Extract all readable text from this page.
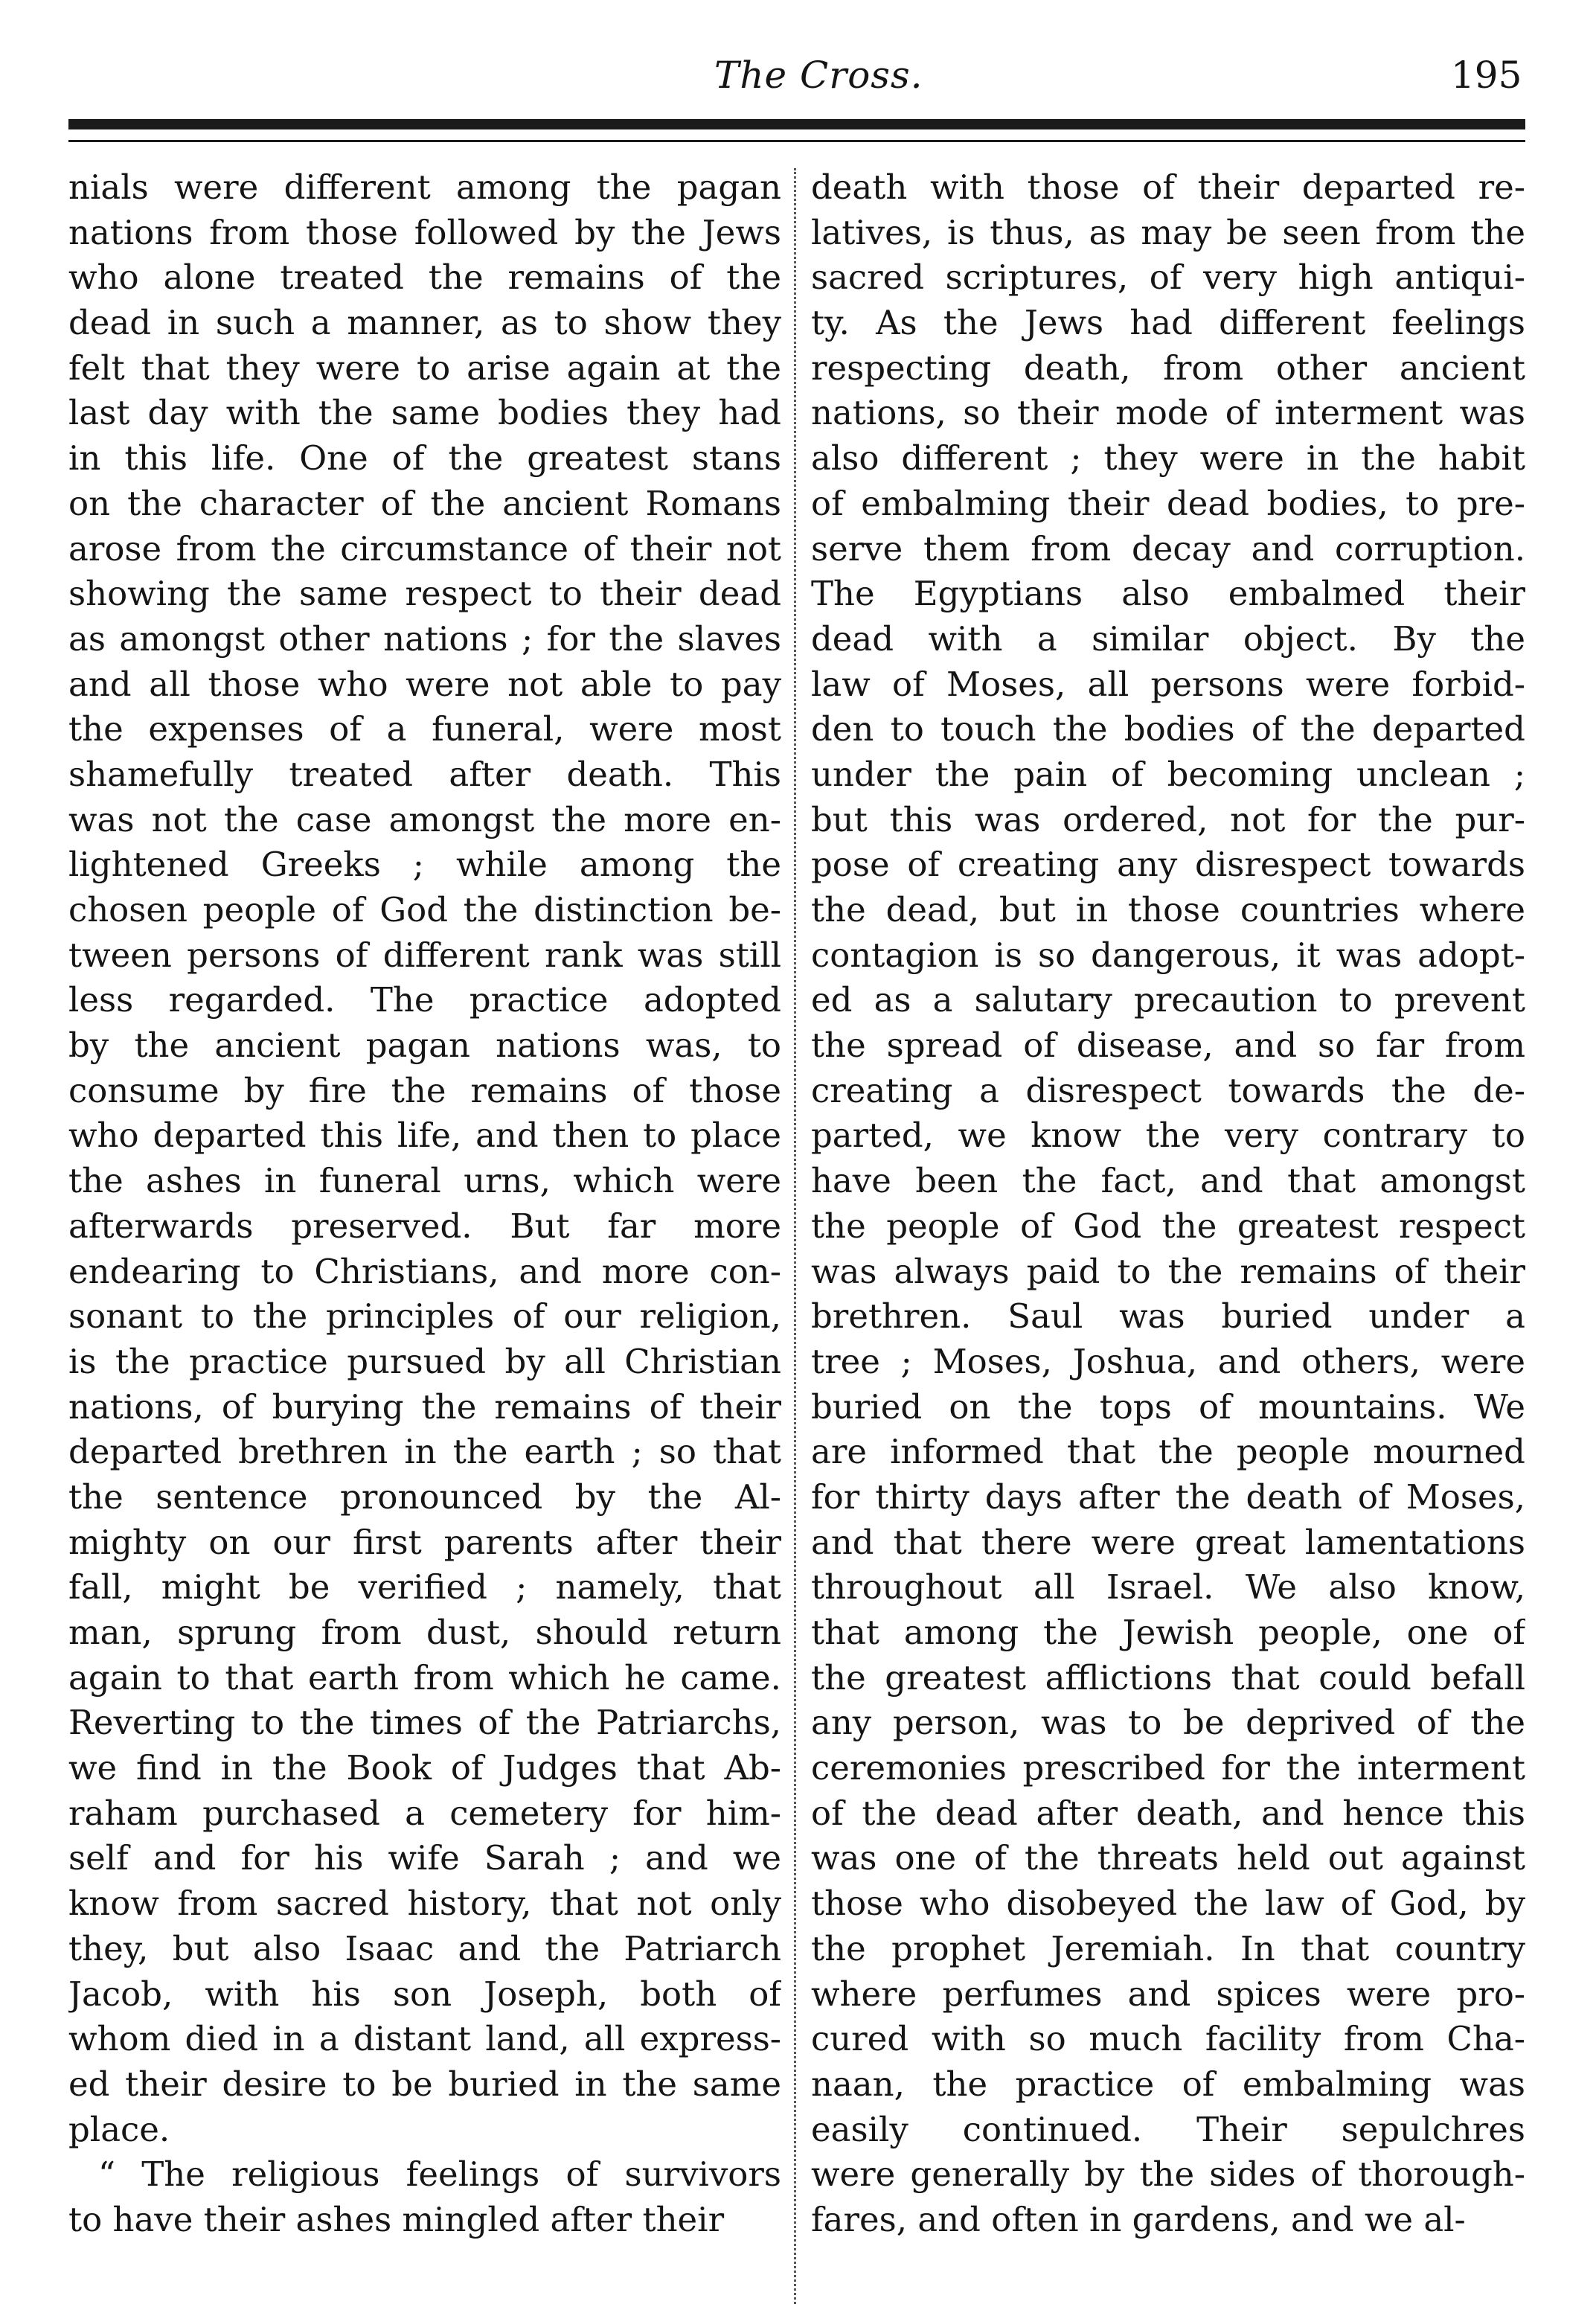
The Cross.	195
nials were different among the pagan
nations from those followed by the Jews
who alone treated the remains of the
dead in such a manner, as to show they
felt that they were to arise again at the
last day with the same bodies they had
in this life. One of the greatest stans
on the character of the ancient Romans
arose from the circumstance of their not
showing the same respect to their dead
as amongst other nations ; for the slaves
and all those who were not able to pay
the expenses of a funeral, were most
shamefully treated after death. This
was not the case amongst the more en-
lightened Greeks ; while among the
chosen people of God the distinction be-
tween persons of different rank was still
less regarded. The practice adopted
by the ancient pagan nations was, to
consume by fire the remains of those
who departed this life, and then to place
the ashes in funeral urns, which were
afterwards preserved. But far more
endearing to Christians, and more con-
sonant to the principles of our religion,
is the practice pursued by all Christian
nations, of burying the remains of their
departed brethren in the earth ; so that
the sentence pronounced by the Al-
mighty on our first parents after their
fall, might be verified ; namely, that
man, sprung from dust, should return
again to that earth from which he came.
Reverting to the times of the Patriarchs,
we find in the Book of Judges that Ab-
raham purchased a cemetery for him-
self and for his wife Sarah ; and we
know from sacred history, that not only
they, but also Isaac and the Patriarch
Jacob, with his son Joseph, both of
whom died in a distant land, all express-
ed their desire to be buried in the same
place.
“ The religious feelings of survivors
to have their ashes mingled after their
death with those of their departed re-
latives, is thus, as may be seen from the
sacred scriptures, of very high antiqui-
ty. As the Jews had different feelings
respecting death, from other ancient
nations, so their mode of interment was
also different ; they were in the habit
of embalming their dead bodies, to pre-
serve them from decay and corruption.
The Egyptians also embalmed their
dead with a similar object. By the
law of Moses, all persons were forbid-
den to touch the bodies of the departed
under the pain of becoming unclean ;
but this was ordered, not for the pur-
pose of creating any disrespect towards
the dead, but in those countries where
contagion is so dangerous, it was adopt-
ed as a salutary precaution to prevent
the spread of disease, and so far from
creating a disrespect towards the de-
parted, we know the very contrary to
have been the fact, and that amongst
the people of God the greatest respect
was always paid to the remains of their
brethren. Saul was buried under a
tree ; Moses, Joshua, and others, were
buried on the tops of mountains. We
are informed that the people mourned
for thirty days after the death of Moses,
and that there were great lamentations
throughout all Israel. We also know,
that among the Jewish people, one of
the greatest afflictions that could befall
any person, was to be deprived of the
ceremonies prescribed for the interment
of the dead after death, and hence this
was one of the threats held out against
those who disobeyed the law of God, by
the prophet Jeremiah. In that country
where perfumes and spices were pro-
cured with so much facility from Cha-
naan, the practice of embalming was
easily continued. Their sepulchres
were generally by the sides of thorough-
fares, and often in gardens, and we al-
